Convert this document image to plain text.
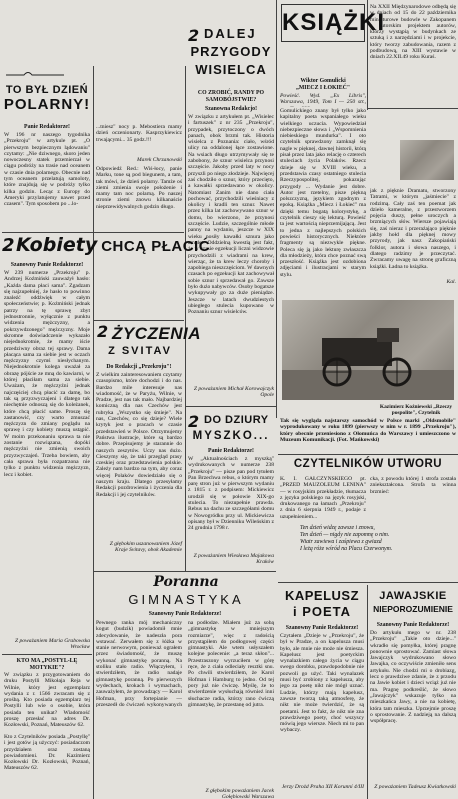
TO BYŁ DZIEŃ
POLARNY!
Panie Redaktorze!
W 196 nr naszego tygodnika „Przekroju" w artykule pt. „O pierwszym bezpiecznym lądowaniu" czytamy: „Nie dziwnego, skoro jeden nowoczesny statek przemierzał w ciągu podróży na trasie nad oceanem w czasie dnia polarnego. Obecnie nad tym oceanem przelatują samoloty, które znajdują się w podróży tylko kilka godzin. Lecąc z Europy do Ameryki przylatujemy nawet przed czasem". Tym sposobem po ...lo-
2 Kobiety CHCĄ PŁACIĆ
Szanowny Panie Redaktorze!
W 239 numerze „Przekroju" p. Andrzej Koźmiński zauważył hasło: „Każda dama płaci sama". Zgadzam się najzupełniej, że hasło to powinno znaleźć oddźwięk w całym społeczeństwie; p. Koźmiński jednak patrzy na tę sprawę zbyt jednostronnie, wyłącznie z punktu widzenia mężczyzny, a pokrzywdzonego" mężczyzny. Moje skromne doświadczenie wykazało niejednokrotnie, że mamy iście przedziwny obraz tej sprawy. Dama płacąca sama za siebie jest w oczach mężczyzny czymś niesłychanym. Niejednokrotnie kolega uważał za obrazę pójście ze mną do kawiarni, w której płaciłam sama za siebie. Uważam, że mężczyźni jednak najczęściej chcą płacić za damę, bo tak są przyzwyczajeni i dlatego tak niechętnie odnoszą się do koleżanek, które chcą płacić same. Proszę się zastanowić, czy warto zmuszać mężczyzn do zmiany poglądu na sprawę i czy kobiety muszą ustąpić. W moim przekonaniu sprawa ta nie zostanie rozwiązana, dopóki mężczyźni nie zmienią swoich przyzwyczajeń. Trzeba bowiem, aby cała sprawa była rozpatrzona nie tylko z punktu widzenia mężczyzn, lecz i kobiet.
Z poważaniem Maria Grabowska Wrocław
KTO MA „POSTYL-LĘ MOTYKIE"?
W związku z przygotowaniem do druku Postylli Mikołaja Reja w Wilnie, który jest egzemplarz wydania z r. 1566 zwracam się z prośbą. Kto posiada egzemplarz tej Postylli lub wie o osobie, która posiada ten unikat? Wiadomość proszę przesłać na adres Dr. Kozłowski, Poznań, Mateuszów 62.
Kto z Czytelników posiada „Postyllę" i jest gotów ją użyczyć: posiadaczom przydziałem oraz zostaną powiadomieni. Dr. Kazimierz Kozłowski Dr. Kozłowski, Poznań, Mateuszów 62.
...tniesz" nocy p. Mebostiera mamy dzień oczenionarty. Kasprzykiewicz trwającymi... 35 godz.!!!
Marek Chrzanowski
Odpowiedź Red.: Wiś-łocy, panie Marku, tone są pod biegunem, a tam, tak mówi, że dzień polarny. Tamże oś ziemi zmienia swoje położenie i mamy tam noc polarną. Po naszej stronie ziemi znowu kilkanaście nieprzewidywalnych godzin długo.
2 ŻYCZENIA
Z SVITAV
Do Redakcji „Przekroju"!
Z wielkim zainteresowaniem czytamy czasopismo, które dochodzi i do nas. Bardzo mile interesuje nas wiadomość, że w Paryżu, Wilnie, w Pradze, jest nas tak mało. Najbardziej komiczną dla nas Czechów jest rubryka „Wszystko się śmieje". Na nas, Czechów, co się dzieje? Wiele krytyk jest o pracach w czasie przedstawień w Polsce. Otrzymujemy Państwa ilustracje, które są bardzo dobre. Przepisujemy je starannie do naszych zeszytów. Uczy nas dużo. Cieszymy się, że taki przegląd prasy czeskiej oraz przedstawienia polskie. Zależy nam bardzo na tym, aby coraz więcej Polaków dowiedziało się o naszym kraju. Dlatego przesyłamy Redakcji pozdrowienia i życzenia dla Redakcji i jej czytelników.
Z głębokim uszanowaniem Józef Kraje Svitavy, obok Akademie
Poranna
GIMNASTYKA
Szanowny Panie Redaktorze!
Pewnego ranka mój mechaniczny kogut (budzik) powiadomił mnie zdecydowanie, że nadeszła pora wstawać. Zerwałem się z łóżka w stanie nerwowym, ponieważ ograłem przez świadomość, że muszę wykonać gimnastykę poranną. Na stoliku stało radio. Włączyłem, i stwierdziłem, że radio nadaje gimnastykę poranną. Po pierwszych wydechach, krokach i wymachach, zauważyłem, że prowadzący — Karol Hofman, przy fortepianie — przeszedł do ćwiczeń wykonywanych na podłodze. Miałem już za sobą „gimnastykę w mniejszym rozmiarze", więc z radością przystąpiłem do podłogowej części gimnastyki. Ale wtem usłyszałem kolejne polecenie: „a teraz skłon"... Przestraszony wyrzuciłem w górę ręce, że z ciała odleciały resztki snu. Po chwili stwierdziłem, że Karol Hofman i Hamburg to jedno. Od tej pory już nie ćwiczę. Myślę, że to stwierdzenie wysłuchają również inni słuchacze radia, którzy rano ćwiczą gimnastykę, że przestanę od jutra.
Z głębokim poważaniem Jacek Gołębiowski Warszawa
2 DALEJ
PRZYGODY
WISIELCA
CO ZROBIĆ, RANDY PO SAMOBÓJSTWIE?
Szanowna Redakcjo!
W związku z artykułem pt. „Wisielec i fartuszek" z nr 235 „Przekroju", przypadek, przytoczony o dwóch panach, obok brzmi tak. Historia wisielca z Poznania: ciało, wśród ulicy na oddalonej łące zostawione. Na wsiach długo utrzymywały się te zabobony, że sznur wisielca przynosi szczęście. Jakoby przed laty w nocy przyszli po niego złodzieje. Najwięcej zaś chodziło o sznur, który przecięto, a kawałki sprzedawano w okolicy. Natomiast Zanim nie dano ciała pochować, przychodzili wieśniacy z okolicy i kradli ten sznur. Nawet przez kilka lat zachowywano sznur w domu, bo wierzono, że przynosi szczęście. Ludzie, szczególnie młode panny na wydaniu, jeszcze w XIX wieku nosiły kawałki sznura jako amulet. Oddzielną kwestią jest fakt, że w czasie egzekucji liczni widzowie przychodzili z wiadrami na krew, wierząc, że ta krew leczy choroby i zapobiega nieszczęściom. W dawnych czasach po egzekucji kat zachowywał sobie sznur i sprzedawał go. Zawsze było dużo nabywców. Osoby bogatsze wykupywały go za duże pieniądze. Jeszcze w latach dwudziestych ubiegłego stulecia kupowano w Poznaniu sznur wisielców.
Z poważaniem Michał Korowajczyk Opole
2 DO DZIURY
MYSZKO...
Panie Redaktorze!
W „Aktualnościach z myszką" wydrukowanych w numerze 238 „Przekroju" — pisze pan pod tytułem Pan Brzechwa rebus, o którym mamy parę stron już w pierwszym wydaniu z 1815 r. z podpisem: Mickiewicz urodził się w połowie XIX-go stulecia. To niezupełnie prawda. Rebus na dachu ze szczegółami domu w Nowogródku przy ul. Mickiewicza opisany był w Dzienniku Wileńskim z 24 grudnia 1798 r.
Z poważaniem Wiesława Majakowa Kraków
KSIĄŻKI
Wiktor Gomulicki
„MIECZ I ŁOKIEĆ"
Powieść. Wyd. „Ex Libris", Warszawa, 1949, Tom I — 250 str.,
Gomulickiego znany był tylko jako kapitalny poeta wspaniałego wieku wielkiego uczucia. Wypowiedział niebezpieczne słowa i „Wspomnienia niebieskiego mundurka". I oto czytelnik sprawdzony zamknął się nagle w pięknej, dawnej historii, którą pisał przez lata jako relację o czterech stuleciach życia Polaków. Rzecz dzieje się w XVIII wieku, a przedstawia czasy ostatniego stulecia Rzeczypospolitej, pokazując przygody ... Wydanie jest dobre. Autor jest rzetelny, pisze piękną polszczyzną, językiem zgodnym z epoką. Książka „Miecz i Łokieć" ma dzięki temu bogatą kolorystykę, a czytelnik cieszy się lekturą. Powieść ta jest wartością nieprzemijającą. Jest to jedna z najlepszych polskich powieści historycznych. Niektóre fragmenty są niezwykle piękne. Poleca się ją jako lekturę zwłaszcza dla młodzieży, która chce poznać swą przeszłość. Książka jest ozdobiona zdjęciami i ilustracjami w starym stylu.
Na XXII Międzynarodowe odbędą się w dniach od 15 do 22 października miniaturowe budowle w Zakopanem z autorskim projektem autorów, którzy wystąpią w budynkach ze sztuką i z narzędziami i w projekcie, który tworzy zabudowania, razem z podbudową, na XIII wystawie w dniach 22.XII.49 roku Kuraś.
jak z pięknie Dramatu, stworzony Tatrami, w którym „jaśmiecie" z rodzimą. Cały zaś ten poemat jak dzieło kameralne, z przestworzem pojęcia duszy, pełne uroczych a brzmiących słów. Wiersze pojawiają się, zaś nieraz i przerażająco pięknie jakby hołd dla pięknej mowy przyrody, jak nasz Zakopiański folklor, autora i słowa naszego, i dlatego radzimy je przeczytać. Zwracamy uwagę na stronę graficzną książki. Ładna to książka.
Kal.
Kazimierz Koźniewski „Rzeczy pospolite", Czytelnik
Tak się wygląda najstarszy samochód w Polsce marki „Oldsmobile" wyprodukowany w roku 1899 (pierwszy w nim w r. 1899 „Przekroju"), który obecnie przeniesiono z Ołomuńca do Warszawy i umieszczono w Muzeum Komunikacji. (Fot. Mańkowski)
CZYTELNIKÓW UTWORU
K. I. GAŁCZYŃSKIEGO pt. „PRZED MAUZOLEUM LENINA" — w rosyjskim przekładzie, tłumacza z języka polskiego na język rosyjski, drukowanego na łamach „Przekroju" z dnia 6 sierpnia 1949 r., podaje z uzupełnieniem...
cka, z powodu której 1 strofa została zniekształcona. Strofa ta winna brzmieć:
Ten dzień widzę zawsze i znowu,
Ten dzień — nigdy nie zapomnę o nim.
Wiatr zawiewa i zaśpiewa z gwiazd
I leżą róże wśród na Placu Czerwonym.
KAPELUSZ
i POETA
Szanowny Panie Redaktorze!
Czytałem „Dzieje w „Przekroju", że był w Pradze, a on kapelusza musi było, ale mnie nie może nie śmiesza. Kapelusz jest poetyckim wynalazkiem całego życia w ciągu swego dorobku, prawdopodobnie nie pozwoli go użyć. Taki wynalazek musi być zrobiony z kapelusza, aby jego za poetę nikt nie mógł uznać. Ludzie, którzy mają kapelusz, zawsze tworzą taką atmosferę, że nikt nie może twierdzić, że są poetami. Jest to fakt, że nikt nie zna prawdziwego poety, choć wszyscy mówią jego wiersze. Niech mi to pan wybaczy.
Jerzy Drożd Praha XII Korunní 4/III
JAWAJSKIE
NIEPOROZUMIENIE
Szanowny Panie Redaktorze!
Do artykułu mego w nr. 238 „Przekroju" „Takie oto dzieje..." wkradło się pomyłka, której pragnę ponownie sprostować. Zamiast słowa Jawajczyk wydrukowano słowo Jawajka, co oczywiście zmieniło sens artykułu. Nie chodzi mi o drobiazg, lecz o prawdziwe zdanie, że z przodu na Jawie kobiet i dzieci wciąż już nie ma. Pragnę podkreślić, że słowo „Jawajczyk" wskazuje tylko na mieszkańca Jawy, a nie na kobietę, która tam mieszka. Uprzejmie proszę o sprostowanie. Z nadzieją na dalszą współpracę.
Z poważaniem Tadeusz Kwiatkowski
